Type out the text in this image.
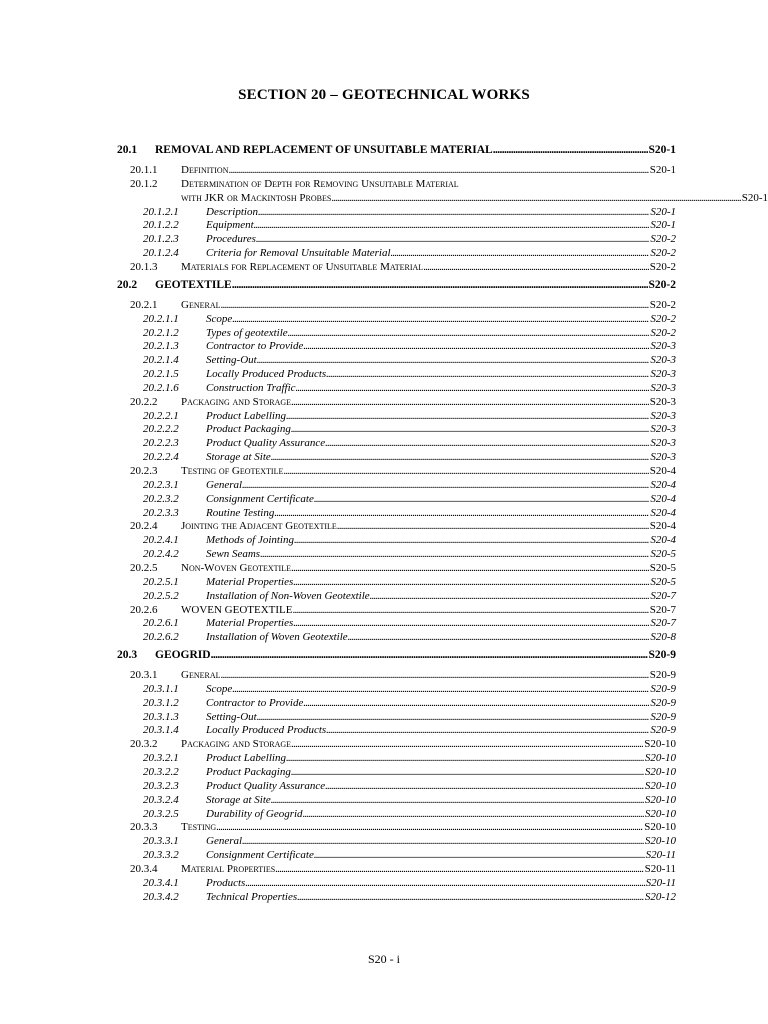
SECTION 20 – GEOTECHNICAL WORKS
20.1	REMOVAL AND REPLACEMENT OF UNSUITABLE MATERIAL . . .	S20-1
20.1.1	Definition . . .	S20-1
20.1.2	Determination of Depth for Removing Unsuitable Material
with JKR or Mackintosh Probes . . .	S20-1
20.1.2.1	Description . . .	S20-1
20.1.2.2	Equipment . . .	S20-1
20.1.2.3	Procedures . . .	S20-2
20.1.2.4	Criteria for Removal Unsuitable Material . . .	S20-2
20.1.3	Materials for Replacement of Unsuitable Material . . .	S20-2
20.2	GEOTEXTILE . . .	S20-2
20.2.1	General . . .	S20-2
20.2.1.1	Scope . . .	S20-2
20.2.1.2	Types of geotextile . . .	S20-2
20.2.1.3	Contractor to Provide . . .	S20-3
20.2.1.4	Setting-Out . . .	S20-3
20.2.1.5	Locally Produced Products . . .	S20-3
20.2.1.6	Construction Traffic . . .	S20-3
20.2.2	Packaging and Storage . . .	S20-3
20.2.2.1	Product Labelling . . .	S20-3
20.2.2.2	Product Packaging . . .	S20-3
20.2.2.3	Product Quality Assurance . . .	S20-3
20.2.2.4	Storage at Site . . .	S20-3
20.2.3	Testing of Geotextile . . .	S20-4
20.2.3.1	General . . .	S20-4
20.2.3.2	Consignment Certificate . . .	S20-4
20.2.3.3	Routine Testing . . .	S20-4
20.2.4	Jointing the Adjacent Geotextile . . .	S20-4
20.2.4.1	Methods of Jointing . . .	S20-4
20.2.4.2	Sewn Seams . . .	S20-5
20.2.5	Non-Woven Geotextile . . .	S20-5
20.2.5.1	Material Properties . . .	S20-5
20.2.5.2	Installation of Non-Woven Geotextile . . .	S20-7
20.2.6	WOVEN GEOTEXTILE . . .	S20-7
20.2.6.1	Material Properties . . .	S20-7
20.2.6.2	Installation of Woven Geotextile . . .	S20-8
20.3	GEOGRID . . .	S20-9
20.3.1	General . . .	S20-9
20.3.1.1	Scope . . .	S20-9
20.3.1.2	Contractor to Provide . . .	S20-9
20.3.1.3	Setting-Out . . .	S20-9
20.3.1.4	Locally Produced Products . . .	S20-9
20.3.2	Packaging and Storage . . .	S20-10
20.3.2.1	Product Labelling . . .	S20-10
20.3.2.2	Product Packaging . . .	S20-10
20.3.2.3	Product Quality Assurance . . .	S20-10
20.3.2.4	Storage at Site . . .	S20-10
20.3.2.5	Durability of Geogrid . . .	S20-10
20.3.3	Testing . . .	S20-10
20.3.3.1	General . . .	S20-10
20.3.3.2	Consignment Certificate . . .	S20-11
20.3.4	Material Properties . . .	S20-11
20.3.4.1	Products . . .	S20-11
20.3.4.2	Technical Properties . . .	S20-12
S20 - i
